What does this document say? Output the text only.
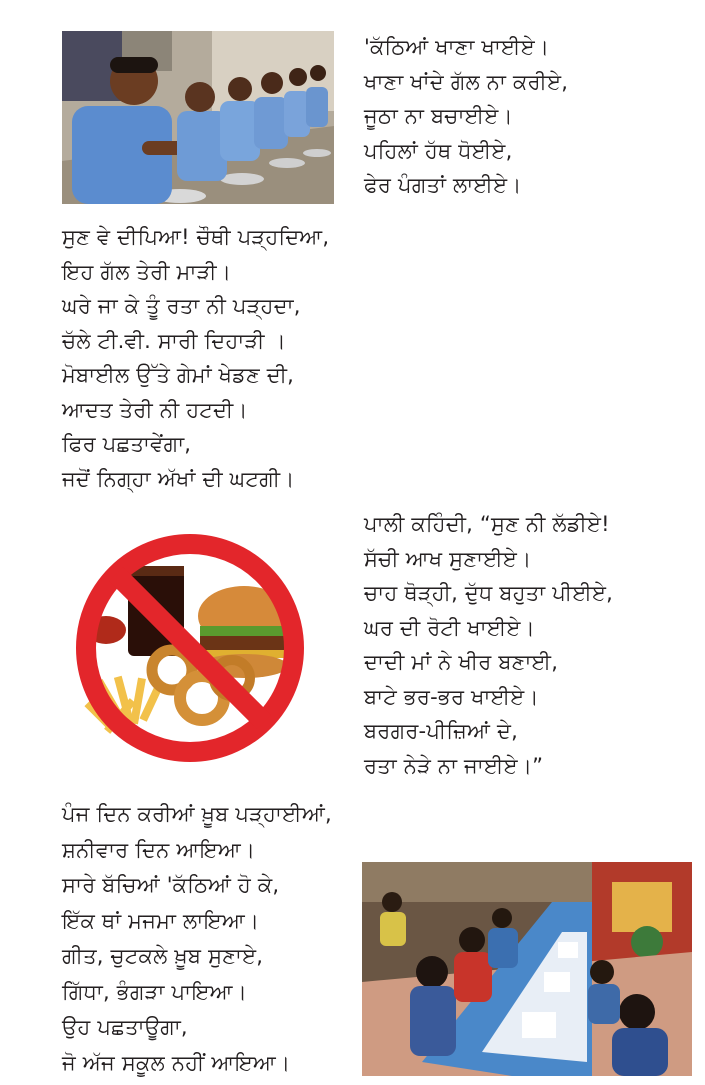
'ਕੱਠਿਆਂ ਖਾਣਾ ਖਾਈਏ।
ਖਾਣਾ ਖਾਂਦੇ ਗੱਲ ਨਾ ਕਰੀਏ,
ਜੂਠਾ ਨਾ ਬਚਾਈਏ।
ਪਹਿਲਾਂ ਹੱਥ ਧੋਈਏ,
ਫੇਰ ਪੰਗਤਾਂ ਲਾਈਏ।
ਸੁਣ ਵੇ ਦੀਪਿਆ! ਚੌਥੀ ਪੜ੍ਹਦਿਆ,
ਇਹ ਗੱਲ ਤੇਰੀ ਮਾੜੀ।
ਘਰੇ ਜਾ ਕੇ ਤੂੰ ਰਤਾ ਨੀ ਪੜ੍ਹਦਾ,
ਚੱਲੇ ਟੀ.ਵੀ. ਸਾਰੀ ਦਿਹਾੜੀ ।
ਮੋਬਾਈਲ ਉੱਤੇ ਗੇਮਾਂ ਖੇਡਣ ਦੀ,
ਆਦਤ ਤੇਰੀ ਨੀ ਹਟਦੀ।
ਫਿਰ ਪਛਤਾਵੇਂਗਾ,
ਜਦੋਂ ਨਿਗ੍ਹਾ ਅੱਖਾਂ ਦੀ ਘਟਗੀ।
ਪਾਲੀ ਕਹਿੰਦੀ, “ਸੁਣ ਨੀ ਲੱਡੀਏ!
ਸੱਚੀ ਆਖ ਸੁਣਾਈਏ।
ਚਾਹ ਥੋੜ੍ਹੀ, ਦੁੱਧ ਬਹੁਤਾ ਪੀਈਏ,
ਘਰ ਦੀ ਰੋਟੀ ਖਾਈਏ।
ਦਾਦੀ ਮਾਂ ਨੇ ਖੀਰ ਬਣਾਈ,
ਬਾਟੇ ਭਰ-ਭਰ ਖਾਈਏ।
ਬਰਗਰ-ਪੀਜ਼ਿਆਂ ਦੇ,
ਰਤਾ ਨੇੜੇ ਨਾ ਜਾਈਏ।”
ਪੰਜ ਦਿਨ ਕਰੀਆਂ ਖ਼ੂਬ ਪੜ੍ਹਾਈਆਂ,
ਸ਼ਨੀਵਾਰ ਦਿਨ ਆਇਆ।
ਸਾਰੇ ਬੱਚਿਆਂ 'ਕੱਠਿਆਂ ਹੋ ਕੇ,
ਇੱਕ ਥਾਂ ਮਜਮਾ ਲਾਇਆ।
ਗੀਤ, ਚੁਟਕਲੇ ਖ਼ੂਬ ਸੁਣਾਏ,
ਗਿੱਧਾ, ਭੰਗੜਾ ਪਾਇਆ।
ਉਹ ਪਛਤਾਊਗਾ,
ਜੋ ਅੱਜ ਸਕੂਲ ਨਹੀਂ ਆਇਆ।
